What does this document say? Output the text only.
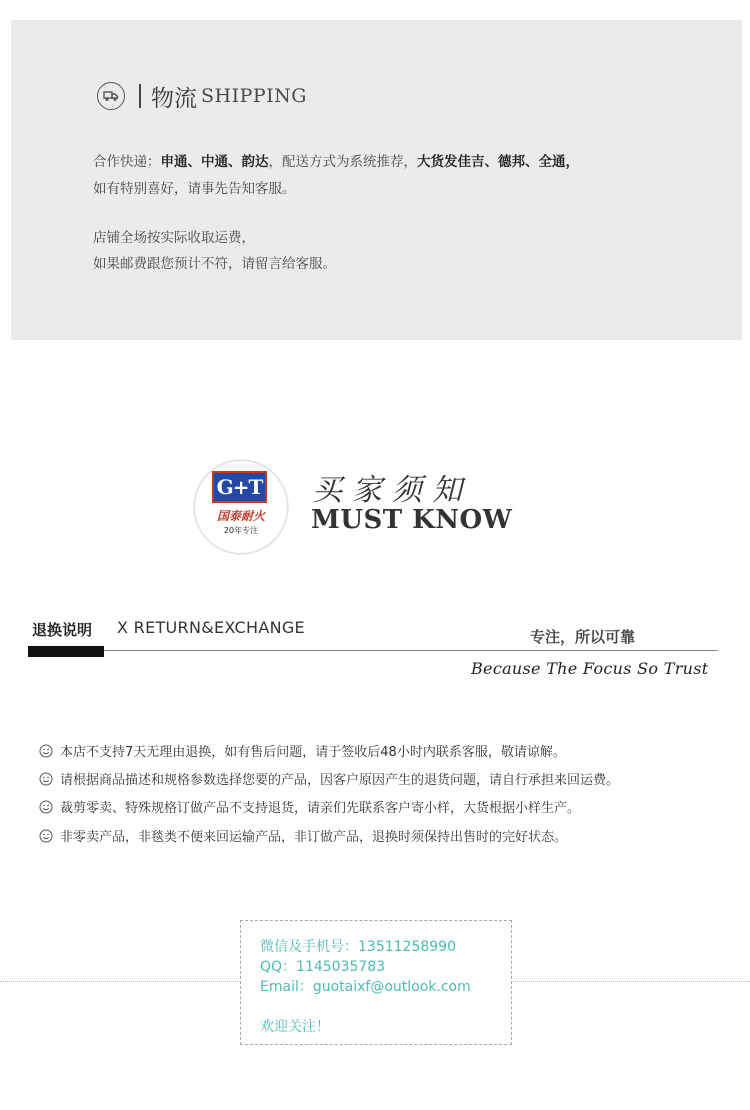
物流 SHIPPING
合作快递：申通、中通、韵达，配送方式为系统推荐，大货发佳吉、德邦、全通，
如有特别喜好，请事先告知客服。
店铺全场按实际收取运费，
如果邮费跟您预计不符，请留言给客服。
G+T
国泰耐火
20年专注
买家须知
MUST KNOW
退换说明 X RETURN&EXCHANGE	专注，所以可靠
Because The Focus So Trust
本店不支持7天无理由退换，如有售后问题，请于签收后48小时内联系客服，敬请谅解。
请根据商品描述和规格参数选择您要的产品，因客户原因产生的退货问题，请自行承担来回运费。
裁剪零卖、特殊规格订做产品不支持退货，请亲们先联系客户寄小样，大货根据小样生产。
非零卖产品，非毯类不便来回运输产品，非订做产品，退换时须保持出售时的完好状态。
微信及手机号：13511258990
QQ：1145035783
Email：guotaixf@outlook.com
欢迎关注！
